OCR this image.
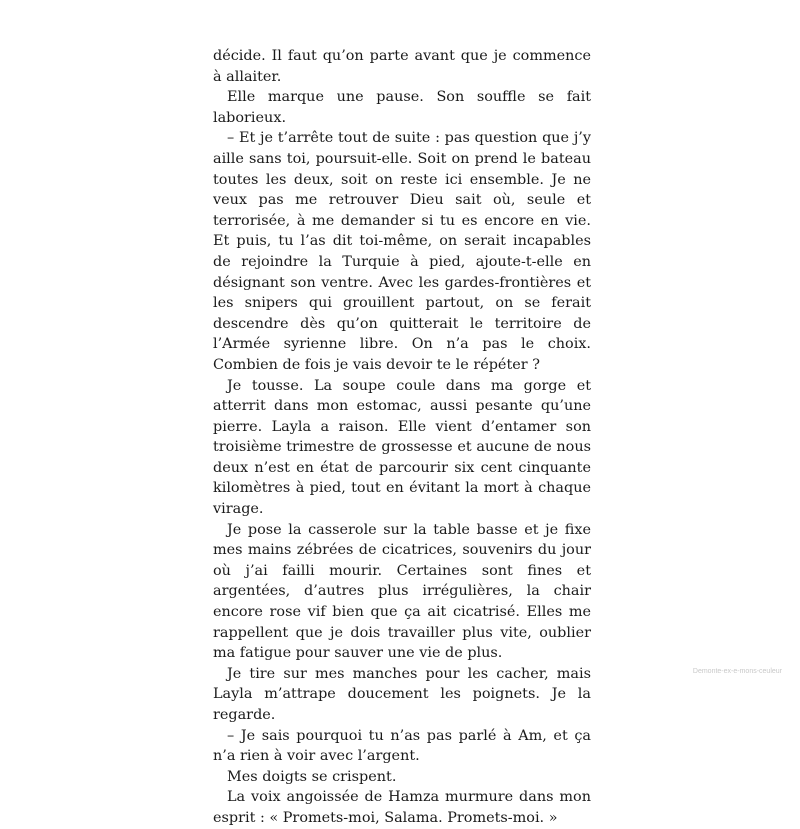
décide. Il faut qu’on parte avant que je commence à allaiter.

Elle marque une pause. Son souffle se fait laborieux.

– Et je t’arrête tout de suite : pas question que j’y aille sans toi, poursuit-elle. Soit on prend le bateau toutes les deux, soit on reste ici ensemble. Je ne veux pas me retrouver Dieu sait où, seule et terrorisée, à me demander si tu es encore en vie. Et puis, tu l’as dit toi-même, on serait incapables de rejoindre la Turquie à pied, ajoute-t-elle en désignant son ventre. Avec les gardes-frontières et les snipers qui grouillent partout, on se ferait descendre dès qu’on quitterait le territoire de l’Armée syrienne libre. On n’a pas le choix. Combien de fois je vais devoir te le répéter ?

Je tousse. La soupe coule dans ma gorge et atterrit dans mon estomac, aussi pesante qu’une pierre. Layla a raison. Elle vient d’entamer son troisième trimestre de grossesse et aucune de nous deux n’est en état de parcourir six cent cinquante kilomètres à pied, tout en évitant la mort à chaque virage.

Je pose la casserole sur la table basse et je fixe mes mains zébrées de cicatrices, souvenirs du jour où j’ai failli mourir. Certaines sont fines et argentées, d’autres plus irrégulières, la chair encore rose vif bien que ça ait cicatrisé. Elles me rappellent que je dois travailler plus vite, oublier ma fatigue pour sauver une vie de plus.

Je tire sur mes manches pour les cacher, mais Layla m’attrape doucement les poignets. Je la regarde.

– Je sais pourquoi tu n’as pas parlé à Am, et ça n’a rien à voir avec l’argent.

Mes doigts se crispent.

La voix angoissée de Hamza murmure dans mon esprit : « Promets-moi, Salama. Promets-moi. »

Demonte-ex-e-mons-ceuleur
